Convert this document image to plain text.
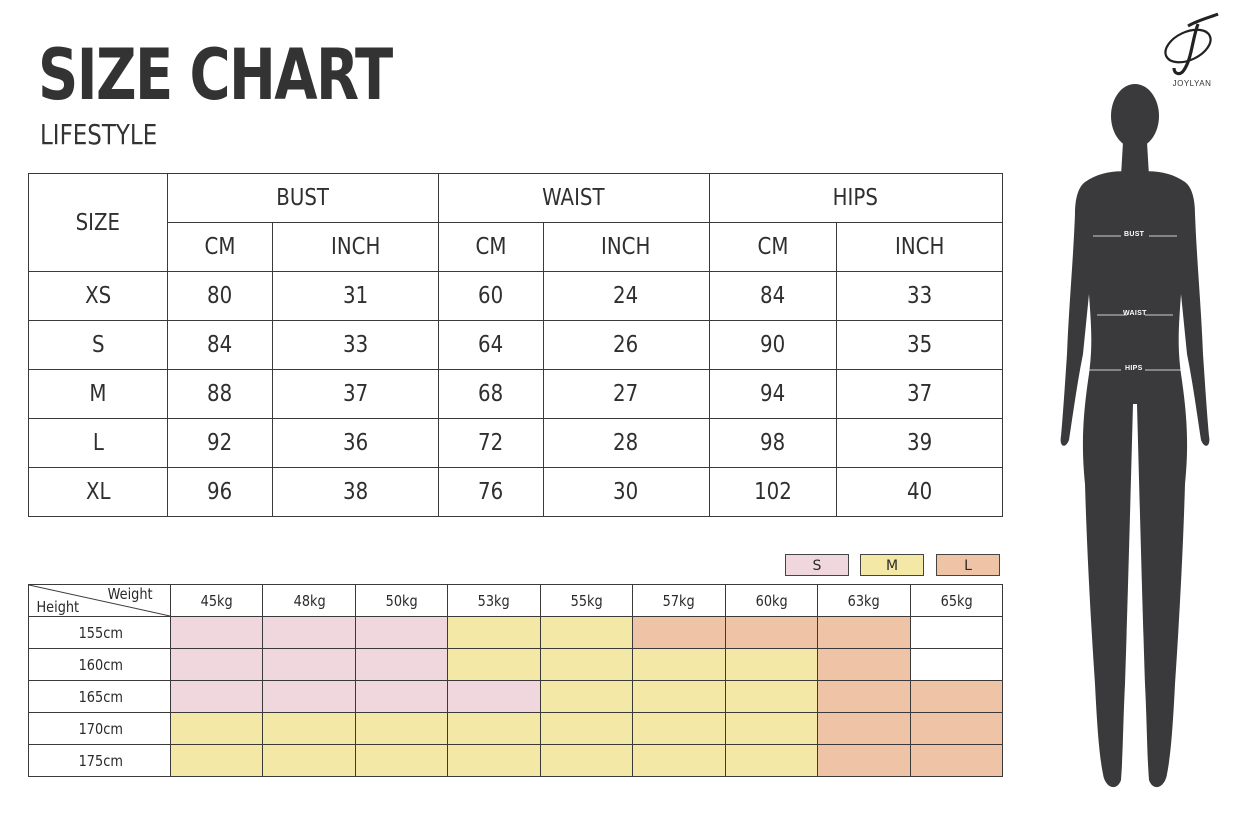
SIZE CHART
LIFESTYLE
SIZE	BUST		WAIST		HIPS	
	CM	INCH	CM	INCH	CM	INCH
XS	80	31	60	24	84	33
S	84	33	64	26	90	35
M	88	37	68	27	94	37
L	92	36	72	28	98	39
XL	96	38	76	30	102	40
S	M	L
Weight
Height	45kg	48kg	50kg	53kg	55kg	57kg	60kg	63kg	65kg
155cm									
160cm									
165cm									
170cm									
175cm									
JOYLYAN
BUST
WAIST
HIPS
